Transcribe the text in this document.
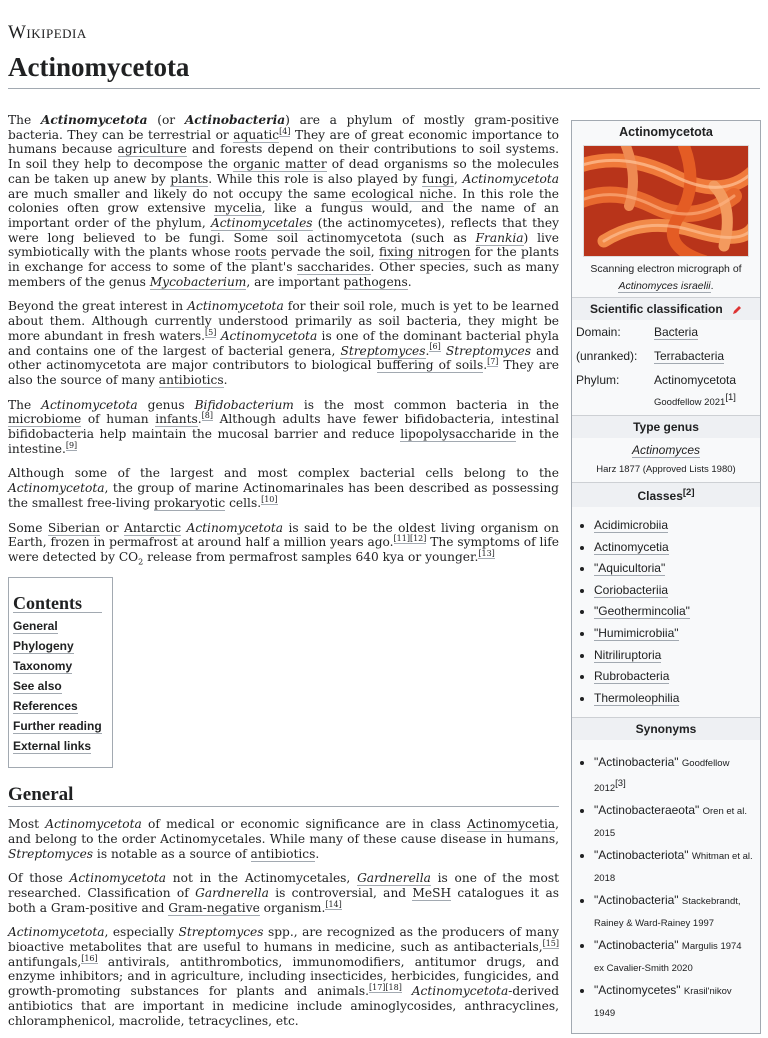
Wikipedia
Actinomycetota
Actinomycetota
Scanning electron micrograph of
Actinomyces israelii.
Scientific classification
Domain:	Bacteria
(unranked):	Terrabacteria
Phylum:	Actinomycetota
Goodfellow 2021[1]
Type genus
Actinomyces
Harz 1877 (Approved Lists 1980)
Classes[2]
• Acidimicrobiia
• Actinomycetia
• "Aquicultoria"
• Coriobacteriia
• "Geothermincolia"
• "Humimicrobiia"
• Nitriliruptoria
• Rubrobacteria
• Thermoleophilia
Synonyms
• "Actinobacteria" Goodfellow 2012[3]
• "Actinobacteraeota" Oren et al. 2015
• "Actinobacteriota" Whitman et al. 2018
• "Actinobacteria" Stackebrandt, Rainey & Ward-Rainey 1997
• "Actinobacteria" Margulis 1974 ex Cavalier-Smith 2020
• "Actinomycetes" Krasil'nikov 1949

The Actinomycetota (or Actinobacteria) are a phylum of mostly gram-positive bacteria. They can be terrestrial or aquatic[4] They are of great economic importance to humans because agriculture and forests depend on their contributions to soil systems. In soil they help to decompose the organic matter of dead organisms so the molecules can be taken up anew by plants. While this role is also played by fungi, Actinomycetota are much smaller and likely do not occupy the same ecological niche. In this role the colonies often grow extensive mycelia, like a fungus would, and the name of an important order of the phylum, Actinomycetales (the actinomycetes), reflects that they were long believed to be fungi. Some soil actinomycetota (such as Frankia) live symbiotically with the plants whose roots pervade the soil, fixing nitrogen for the plants in exchange for access to some of the plant's saccharides. Other species, such as many members of the genus Mycobacterium, are important pathogens.

Beyond the great interest in Actinomycetota for their soil role, much is yet to be learned about them. Although currently understood primarily as soil bacteria, they might be more abundant in fresh waters.[5] Actinomycetota is one of the dominant bacterial phyla and contains one of the largest of bacterial genera, Streptomyces.[6] Streptomyces and other actinomycetota are major contributors to biological buffering of soils.[7] They are also the source of many antibiotics.

The Actinomycetota genus Bifidobacterium is the most common bacteria in the microbiome of human infants.[8] Although adults have fewer bifidobacteria, intestinal bifidobacteria help maintain the mucosal barrier and reduce lipopolysaccharide in the intestine.[9]

Although some of the largest and most complex bacterial cells belong to the Actinomycetota, the group of marine Actinomarinales has been described as possessing the smallest free-living prokaryotic cells.[10]

Some Siberian or Antarctic Actinomycetota is said to be the oldest living organism on Earth, frozen in permafrost at around half a million years ago.[11][12] The symptoms of life were detected by $CO_2$ release from permafrost samples 640 kya or younger.[13]

Contents
General
Phylogeny
Taxonomy
See also
References
Further reading
External links
General

Most Actinomycetota of medical or economic significance are in class Actinomycetia, and belong to the order Actinomycetales. While many of these cause disease in humans, Streptomyces is notable as a source of antibiotics.

Of those Actinomycetota not in the Actinomycetales, Gardnerella is one of the most researched. Classification of Gardnerella is controversial, and MeSH catalogues it as both a Gram-positive and Gram-negative organism.[14]

Actinomycetota, especially Streptomyces spp., are recognized as the producers of many bioactive metabolites that are useful to humans in medicine, such as antibacterials,[15] antifungals,[16] antivirals, antithrombotics, immunomodifiers, antitumor drugs, and enzyme inhibitors; and in agriculture, including insecticides, herbicides, fungicides, and growth-promoting substances for plants and animals.[17][18] Actinomycetota-derived antibiotics that are important in medicine include aminoglycosides, anthracyclines, chloramphenicol, macrolide, tetracyclines, etc.
